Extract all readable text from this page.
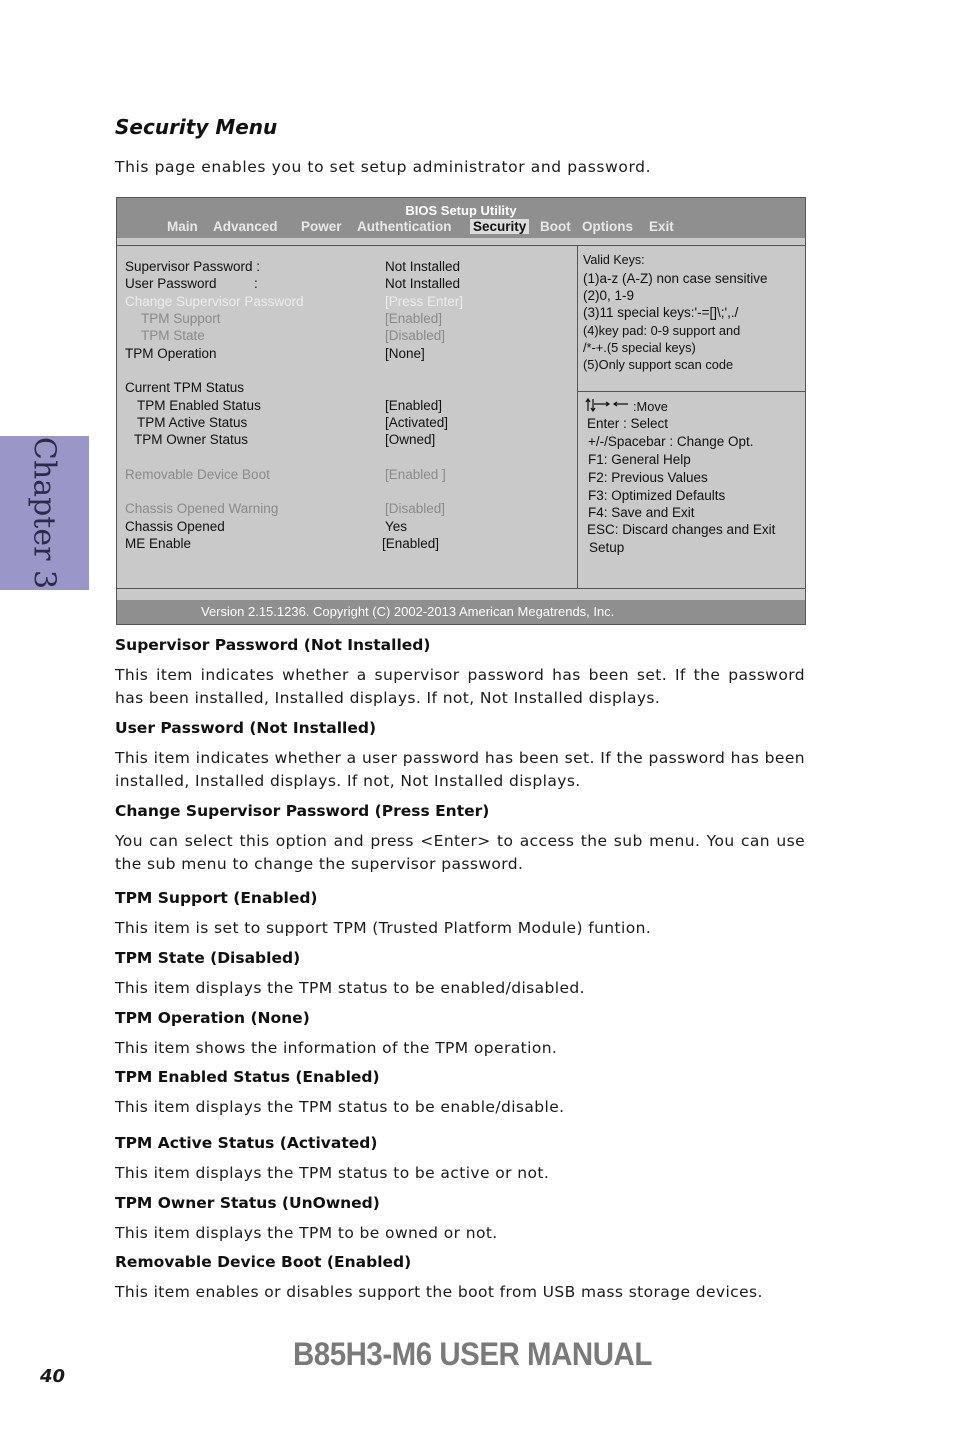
Chapter 3
Security Menu
This page enables you to set setup administrator and password.
BIOS Setup Utility
Main Advanced Power Authentication Security Boot Options Exit
Supervisor Password :	Not Installed
User Password	:	Not Installed
Change Supervisor Password	[Press Enter]
TPM Support	[Enabled]
TPM State	[Disabled]
TPM Operation	[None]
Current TPM Status
TPM Enabled Status	[Enabled]
TPM Active Status	[Activated]
TPM Owner Status	[Owned]
Removable Device Boot	[Enabled ]
Chassis Opened Warning	[Disabled]
Chassis Opened	Yes
ME Enable	[Enabled]
Valid Keys:
(1)a-z (A-Z) non case sensitive
(2)0, 1-9
(3)11 special keys:'-=[]\;',./
(4)key pad: 0-9 support and
/*-+.(5 special keys)
(5)Only support scan code
:Move
Enter : Select
+/-/Spacebar : Change Opt.
F1: General Help
F2: Previous Values
F3: Optimized Defaults
F4: Save and Exit
ESC: Discard changes and Exit
Setup
Version 2.15.1236. Copyright (C) 2002-2013 American Megatrends, Inc.
Supervisor Password (Not Installed)
This item indicates whether a supervisor password has been set. If the password has been installed, Installed displays. If not, Not Installed displays.
User Password (Not Installed)
This item indicates whether a user password has been set. If the password has been installed, Installed displays. If not, Not Installed displays.
Change Supervisor Password (Press Enter)
You can select this option and press <Enter> to access the sub menu. You can use the sub menu to change the supervisor password.
TPM Support (Enabled)
This item is set to support TPM (Trusted Platform Module) funtion.
TPM State (Disabled)
This item displays the TPM status to be enabled/disabled.
TPM Operation (None)
This item shows the information of the TPM operation.
TPM Enabled Status (Enabled)
This item displays the TPM status to be enable/disable.
TPM Active Status (Activated)
This item displays the TPM status to be active or not.
TPM Owner Status (UnOwned)
This item displays the TPM to be owned or not.
Removable Device Boot (Enabled)
This item enables or disables support the boot from USB mass storage devices.
40
B85H3-M6 USER MANUAL
